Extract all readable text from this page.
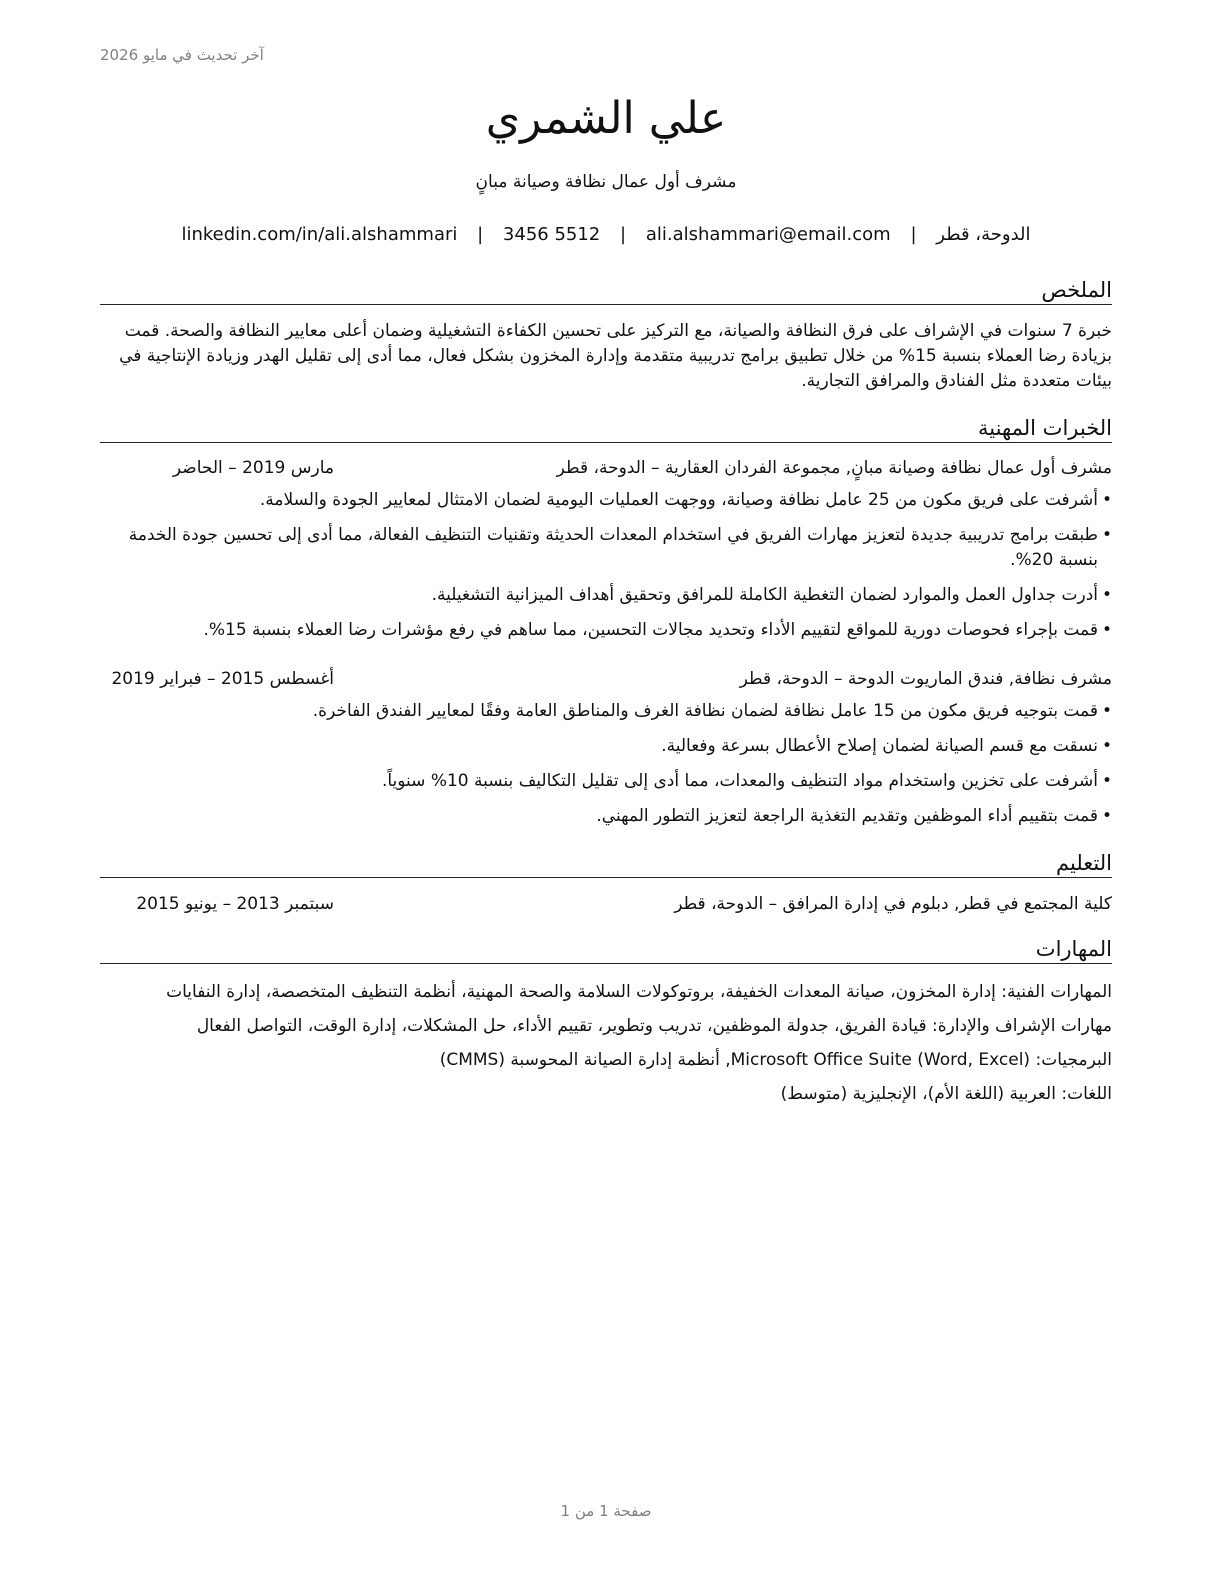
آخر تحديث في مايو 2026
علي الشمري
مشرف أول عمال نظافة وصيانة مبانٍ
الدوحة، قطر | ali.alshammari@email.com | 3456 5512 | linkedin.com/in/ali.alshammari
الملخص
خبرة 7 سنوات في الإشراف على فرق النظافة والصيانة، مع التركيز على تحسين الكفاءة التشغيلية وضمان أعلى معايير النظافة والصحة. قمت بزيادة رضا العملاء بنسبة 15% من خلال تطبيق برامج تدريبية متقدمة وإدارة المخزون بشكل فعال، مما أدى إلى تقليل الهدر وزيادة الإنتاجية في بيئات متعددة مثل الفنادق والمرافق التجارية.
الخبرات المهنية
مشرف أول عمال نظافة وصيانة مبانٍ, مجموعة الفردان العقارية – الدوحة، قطر
مارس 2019 – الحاضر
• أشرفت على فريق مكون من 25 عامل نظافة وصيانة، ووجهت العمليات اليومية لضمان الامتثال لمعايير الجودة والسلامة.
• طبقت برامج تدريبية جديدة لتعزيز مهارات الفريق في استخدام المعدات الحديثة وتقنيات التنظيف الفعالة، مما أدى إلى تحسين جودة الخدمة بنسبة 20%.
• أدرت جداول العمل والموارد لضمان التغطية الكاملة للمرافق وتحقيق أهداف الميزانية التشغيلية.
• قمت بإجراء فحوصات دورية للمواقع لتقييم الأداء وتحديد مجالات التحسين، مما ساهم في رفع مؤشرات رضا العملاء بنسبة 15%.
مشرف نظافة, فندق الماريوت الدوحة – الدوحة، قطر
أغسطس 2015 – فبراير 2019
• قمت بتوجيه فريق مكون من 15 عامل نظافة لضمان نظافة الغرف والمناطق العامة وفقًا لمعايير الفندق الفاخرة.
• نسقت مع قسم الصيانة لضمان إصلاح الأعطال بسرعة وفعالية.
• أشرفت على تخزين واستخدام مواد التنظيف والمعدات، مما أدى إلى تقليل التكاليف بنسبة 10% سنوياً.
• قمت بتقييم أداء الموظفين وتقديم التغذية الراجعة لتعزيز التطور المهني.
التعليم
كلية المجتمع في قطر, دبلوم في إدارة المرافق – الدوحة، قطر
سبتمبر 2013 – يونيو 2015
المهارات

المهارات الفنية: إدارة المخزون، صيانة المعدات الخفيفة، بروتوكولات السلامة والصحة المهنية، أنظمة التنظيف المتخصصة، إدارة النفايات

مهارات الإشراف والإدارة: قيادة الفريق، جدولة الموظفين، تدريب وتطوير، تقييم الأداء، حل المشكلات، إدارة الوقت، التواصل الفعال

البرمجيات: Microsoft Office Suite (Word, Excel), أنظمة إدارة الصيانة المحوسبة (CMMS)

اللغات: العربية (اللغة الأم)، الإنجليزية (متوسط)

صفحة 1 من 1
